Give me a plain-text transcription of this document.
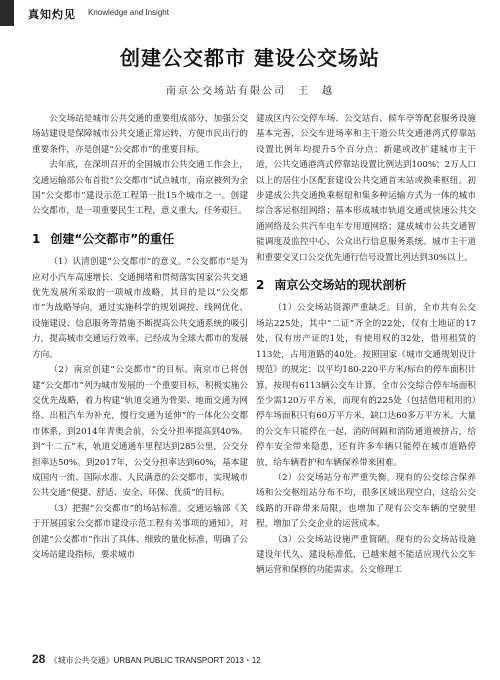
真知灼见 Knowledge and Insight
创建公交都市 建设公交场站
南京公交场站有限公司　王　越

公交场站是城市公共交通的重要组成部分，加强公交场站建设是保障城市公共交通正常运转，方便市民出行的重要条件，亦是创建“公交都市”的重要目标。

去年底，在深圳召开的全国城市公共交通工作会上，交通运输部公布首批“公交都市”试点城市，南京被列为全国“公交都市”建设示范工程第一批15个城市之一。创建公交都市，是一项重要民生工程，意义重大，任务艰巨。

1 创建“公交都市”的重任

（1）认清创建“公交都市”的意义。“公交都市”是为应对小汽车高速增长、交通拥堵和贯彻落实国家公共交通优先发展所采取的一项城市战略，其目的是以“公交都市”为战略导向，通过实施科学的规划调控、线网优化、设施建设、信息服务等措施不断提高公共交通系统的吸引力，提高城市交通运行效率，已经成为全球大都市的发展方向。

（2）南京创建“公交都市”的目标。南京市已将创建“公交都市”列为城市发展的一个重要目标，积极实施公交优先战略，着力构建“轨道交通为骨架、地面交通为网络、出租汽车为补充，慢行交通为延伸”的一体化公交都市体系，到2014年青奥会前，公交分担率提高到40%。到“十二五”末，轨道交通通车里程达到285公里，公交分担率达50%。到2017年，公交分担率达到60%，基本建成国内一流、国际水准、人民满意的公交都市，实现城市公共交通“便捷、舒适、安全、环保、优质”的目标。

（3）把握“公交都市”的场站标准。交通运输部《关于开展国家公交都市建设示范工程有关事项的通知》，对创建“公交都市”作出了具体、细致的量化标准，明确了公交场站建设指标，要求城市

建成区内公交停车场、公交站台、候车亭等配套服务设施基本完善，公交车进场率和主干道公共交通港湾式停靠站设置比例年均提升5个百分点；新建或改扩建城市主干道，公共交通港湾式停靠站设置比例达到100%；2万人口以上的居住小区配套建设公共交通首末站或换乘枢纽。初步建成公共交通换乘枢纽和集多种运输方式为一体的城市综合客运枢纽网络；基本形成城市轨道交通或快速公共交通网络及公共汽车电车专用道网络；建成城市公共交通智能调度及监控中心、公众出行信息服务系统。城市主干道和重要交叉口公交优先通行信号设置比列达到30%以上。

2 南京公交场站的现状剖析

（1）公交场站资源严重缺乏。目前，全市共有公交场站225处，其中“二证”齐全的22处，仅有土地证的17处，仅有房产证的1处，有使用权的32处，借用租赁的113处，占用道路的40处。按照国家《城市交通规划设计规范》的规定：以平均180-220平方米/标台的停车面积计算，按现有6113辆公交车计算，全市公交综合停车场面积至少需120万平方米，而现有的225处（包括借用租用的）停车场面积只有60万平方米，缺口达60多万平方米。大量的公交车只能停在一起，消防间隔和消防通道被挤占，给停车安全带来隐患，还有许多车辆只能停在城市道路停放，给车辆看护和车辆保养带来困难。

（2）公交场站分布严重失衡。现有的公交综合保养场和公交枢纽站分布不均，很多区域出现空白，这给公交线路的开辟带来局限，也增加了现有公交车辆的空驶里程，增加了公交企业的运营成本。

（3）公交场站设施严重简陋。现有的公交场站设施建设年代久、建设标准低，已越来越不能适应现代公交车辆运营和保修的功能需求。公交修理工

28 《城市公共交通》URBAN PUBLIC TRANSPORT 2013・12
